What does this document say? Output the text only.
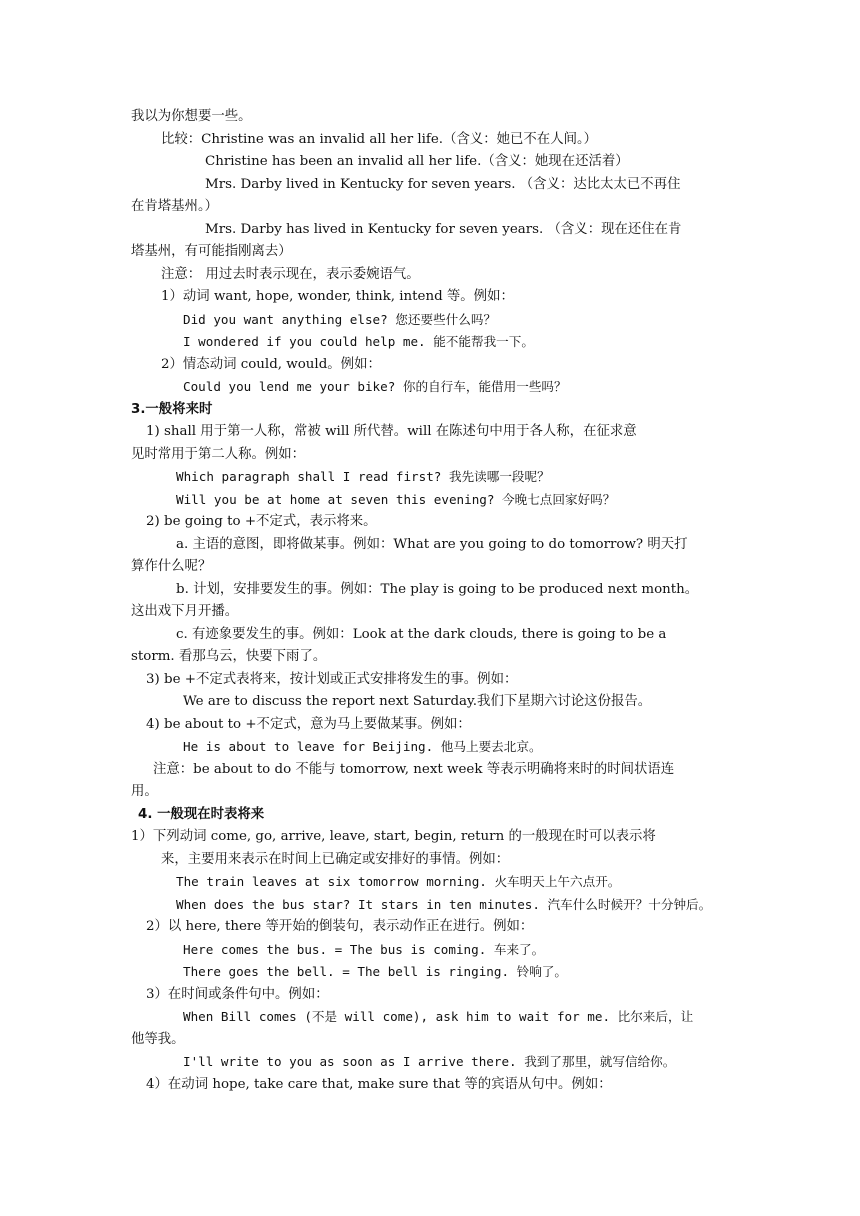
我以为你想要一些。
比较：Christine was an invalid all her life.（含义：她已不在人间。）
Christine has been an invalid all her life.（含义：她现在还活着）
Mrs. Darby lived in Kentucky for seven years. （含义：达比太太已不再住
在肯塔基州。）
Mrs. Darby has lived in Kentucky for seven years. （含义：现在还住在肯
塔基州，有可能指刚离去）
注意： 用过去时表示现在，表示委婉语气。
1）动词 want, hope, wonder, think, intend 等。例如：
Did you want anything else? 您还要些什么吗？
I wondered if you could help me. 能不能帮我一下。
2）情态动词 could, would。例如：
Could you lend me your bike? 你的自行车，能借用一些吗？
3.一般将来时
1) shall 用于第一人称，常被 will 所代替。will 在陈述句中用于各人称，在征求意
见时常用于第二人称。例如：
Which paragraph shall I read first? 我先读哪一段呢？
Will you be at home at seven this evening? 今晚七点回家好吗？
2) be going to +不定式，表示将来。
a. 主语的意图，即将做某事。例如：What are you going to do tomorrow? 明天打
算作什么呢？
b. 计划，安排要发生的事。例如：The play is going to be produced next month。
这出戏下月开播。
c. 有迹象要发生的事。例如：Look at the dark clouds, there is going to be a
storm. 看那乌云，快要下雨了。
3) be +不定式表将来，按计划或正式安排将发生的事。例如：
We are to discuss the report next Saturday.我们下星期六讨论这份报告。
4) be about to +不定式，意为马上要做某事。例如：
He is about to leave for Beijing. 他马上要去北京。
注意：be about to do 不能与 tomorrow, next week 等表示明确将来时的时间状语连
用。
4. 一般现在时表将来
1）下列动词 come, go, arrive, leave, start, begin, return 的一般现在时可以表示将
来，主要用来表示在时间上已确定或安排好的事情。例如：
The train leaves at six tomorrow morning. 火车明天上午六点开。
When does the bus star? It stars in ten minutes. 汽车什么时候开？十分钟后。
2）以 here, there 等开始的倒装句，表示动作正在进行。例如：
Here comes the bus. = The bus is coming. 车来了。
There goes the bell. = The bell is ringing. 铃响了。
3）在时间或条件句中。例如：
When Bill comes (不是 will come), ask him to wait for me. 比尔来后，让
他等我。
I'll write to you as soon as I arrive there. 我到了那里，就写信给你。
4）在动词 hope, take care that, make sure that 等的宾语从句中。例如：
